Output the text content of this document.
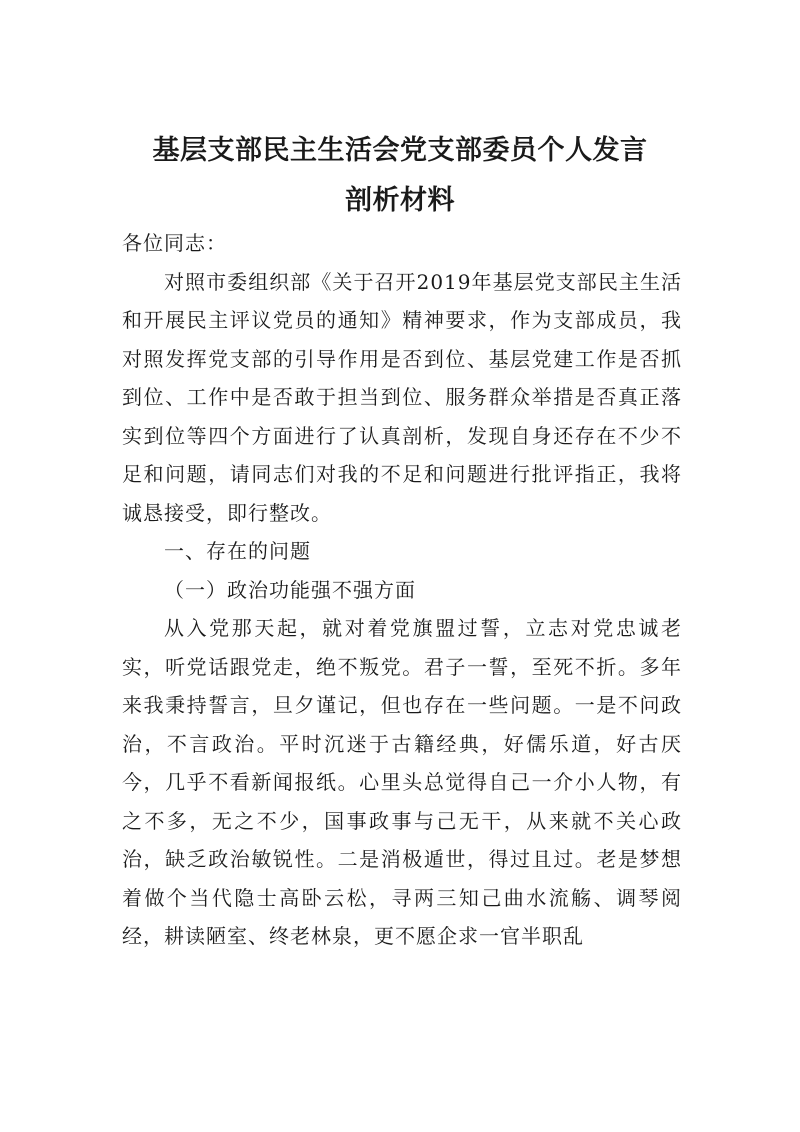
基层支部民主生活会党支部委员个人发言
剖析材料

各位同志：

对照市委组织部《关于召开2019年基层党支部民主生活和开展民主评议党员的通知》精神要求，作为支部成员，我对照发挥党支部的引导作用是否到位、基层党建工作是否抓到位、工作中是否敢于担当到位、服务群众举措是否真正落实到位等四个方面进行了认真剖析，发现自身还存在不少不足和问题，请同志们对我的不足和问题进行批评指正，我将诚恳接受，即行整改。

一、存在的问题

（一）政治功能强不强方面

从入党那天起，就对着党旗盟过誓，立志对党忠诚老实，听党话跟党走，绝不叛党。君子一誓，至死不折。多年来我秉持誓言，旦夕谨记，但也存在一些问题。一是不问政治，不言政治。平时沉迷于古籍经典，好儒乐道，好古厌今，几乎不看新闻报纸。心里头总觉得自己一介小人物，有之不多，无之不少，国事政事与己无干，从来就不关心政治，缺乏政治敏锐性。二是消极遁世，得过且过。老是梦想着做个当代隐士高卧云松，寻两三知己曲水流觞、调琴阅经，耕读陋室、终老林泉，更不愿企求一官半职乱
